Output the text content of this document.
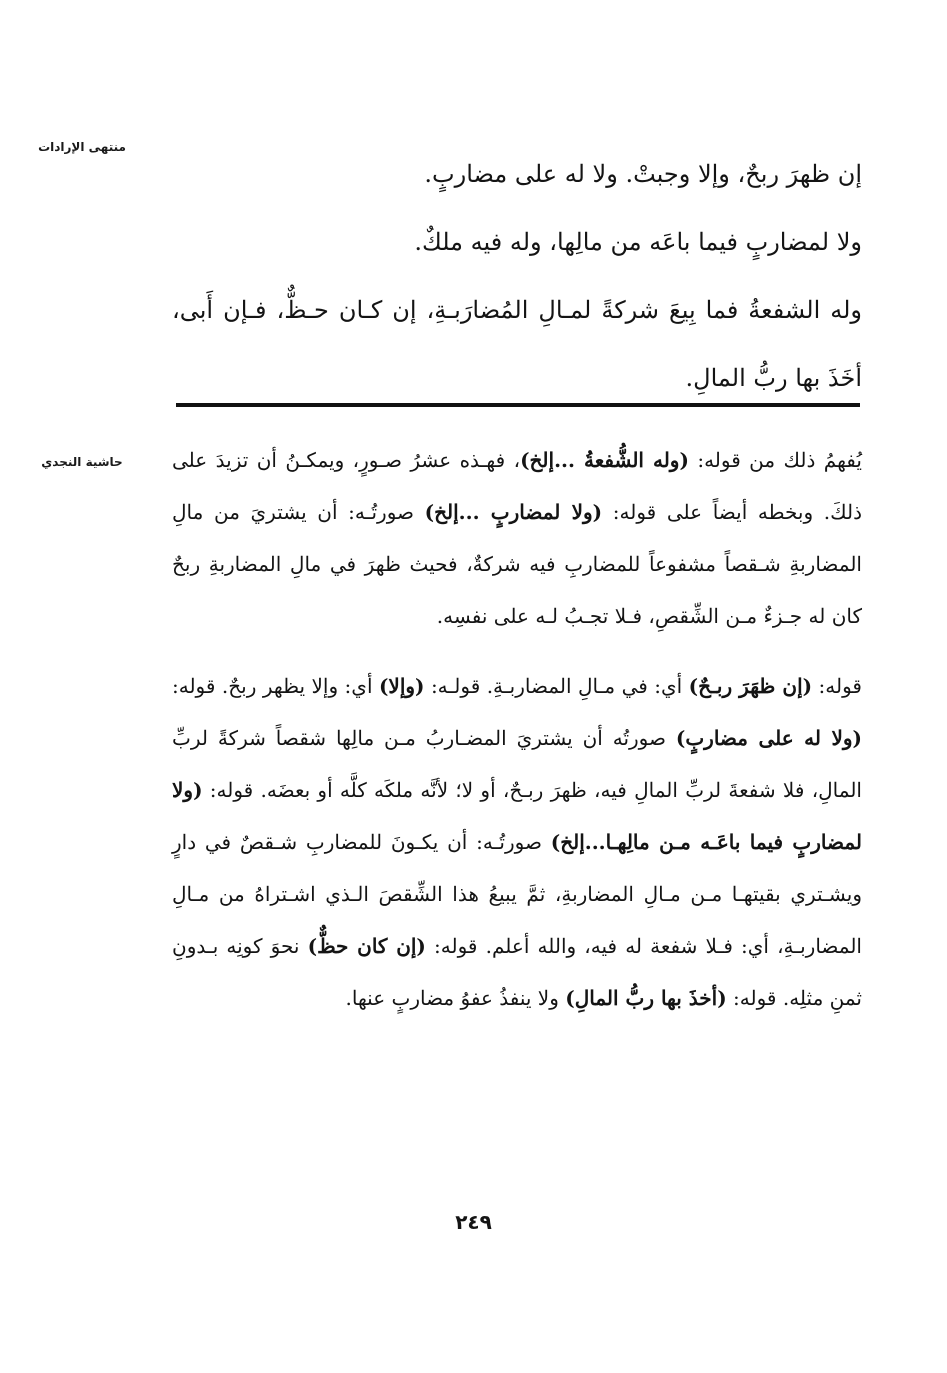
منتهى الإرادات
حاشية النجدي

إن ظهرَ ربحٌ، وإلا وجبتْ. ولا له على مضاربٍ.

ولا لمضاربٍ فيما باعَه من مالِها، وله فيه ملكٌ.

وله الشفعةُ فما بِيعَ شركةً لمـالِ المُضارَبـةِ، إن كـان حـظٌّ، فـإن أَبى، أخَذَ بها ربُّ المالِ.

يُفهمُ ذلك من قوله: (وله الشُّفعةُ ...إلخ)، فهـذه عشرُ صـورٍ، ويمكـنُ أن تزيدَ على ذلكَ. وبخطه أيضاً على قوله: (ولا لمضاربٍ ...إلخ) صورتُـه: أن يشتريَ من مالِ المضاربةِ شـقصاً مشفوعاً للمضاربِ فيه شركةٌ، فحيث ظهرَ في مالِ المضاربةِ ربحٌ كان له جـزءٌ مـن الشِّقصِ، فـلا تجـبُ لـه على نفسِه.

قوله: (إن ظهَرَ ربـحٌ) أي: في مـالِ المضاربـةِ. قولـه: (وإلا) أي: وإلا يظهر ربحٌ. قوله: (ولا له على مضاربٍ) صورتُه أن يشتريَ المضـاربُ مـن مالِها شقصاً شركةً لربِّ المالِ، فلا شفعةَ لربِّ المالِ فيه، ظهرَ ربـحٌ، أو لا؛ لأنَّه ملكَه كلَّه أو بعضَه. قوله: (ولا لمضاربٍ فيما باعَـه مـن مالِهـا...إلخ) صورتُـه: أن يكـونَ للمضاربِ شـقصٌ في دارٍ ويشـتري بقيتهـا مـن مـالِ المضاربةِ، ثمَّ يبيعُ هذا الشِّقصَ الـذي اشـتراهُ من مـالِ المضاربـةِ، أي: فـلا شفعة له فيه، والله أعلم. قوله: (إن كان حظٌّ) نحوَ كونِه بـدونِ ثمنِ مثلِه. قوله: (أخذَ بها ربُّ المالِ) ولا ينفذُ عفوُ مضاربٍ عنها.

٢٤٩
